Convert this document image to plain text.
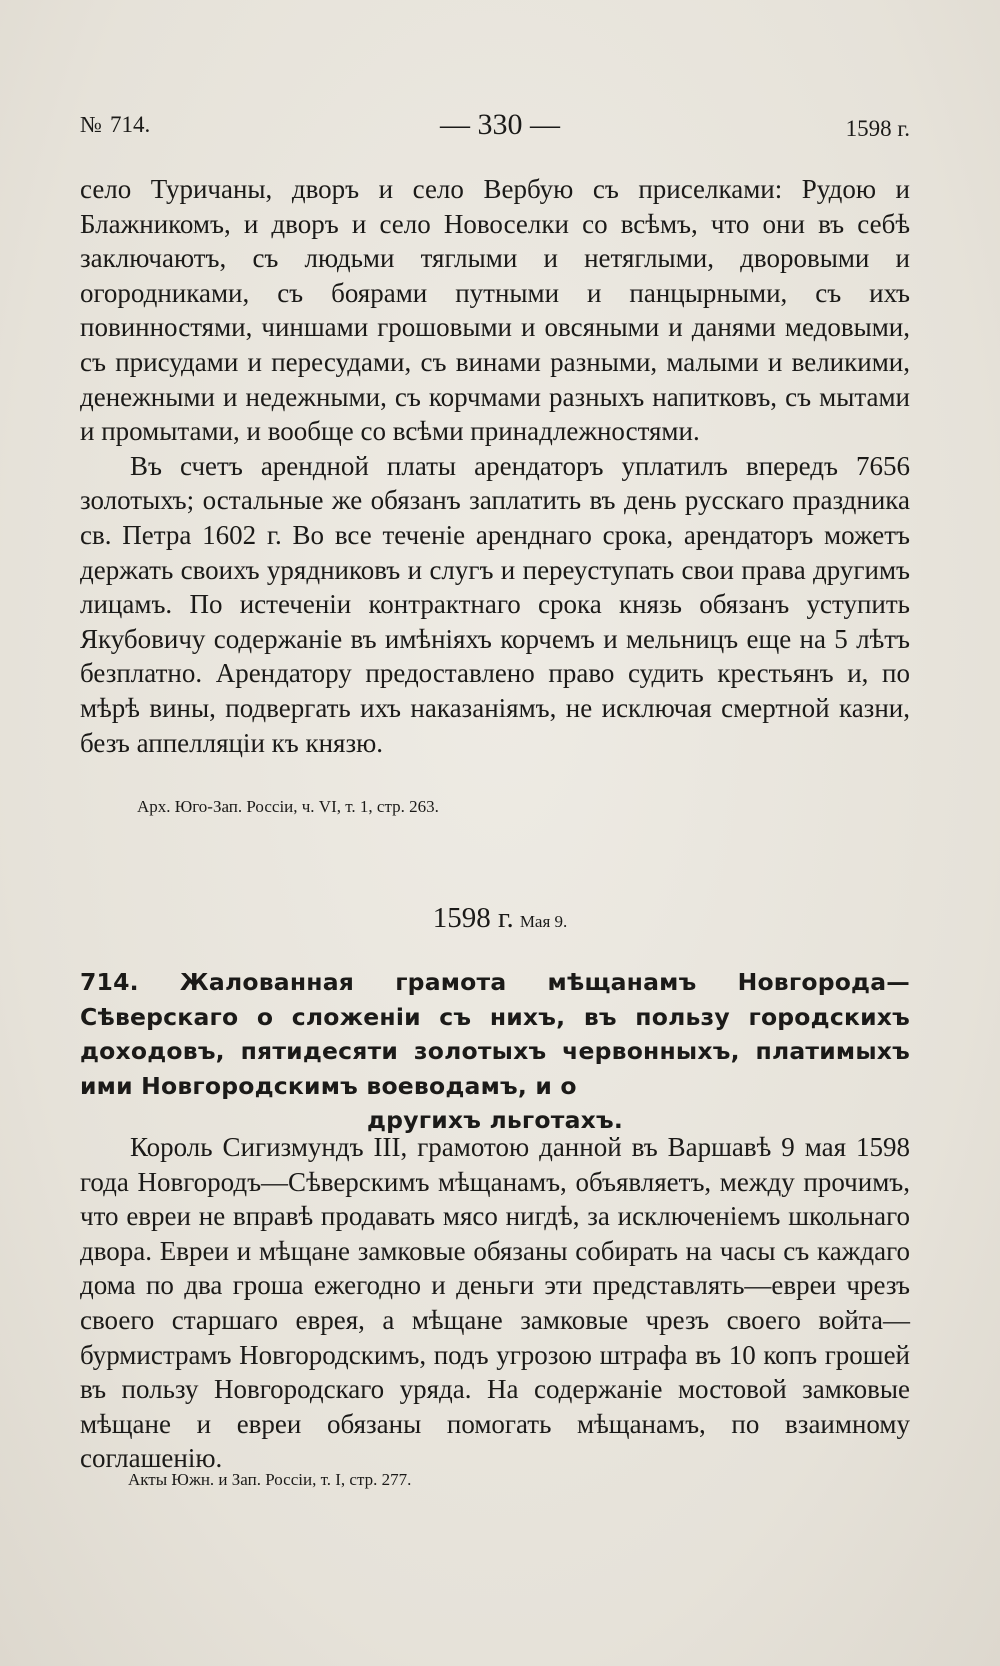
№ 714.	— 330 —	1598 г.

село Туричаны, дворъ и село Вербую съ приселками: Рудою и Блажникомъ, и дворъ и село Новоселки со всѣмъ, что они въ себѣ заключаютъ, съ людьми тяглыми и нетяглыми, дворовыми и огородниками, съ боярами путными и панцырными, съ ихъ повинностями, чиншами грошовыми и овсяными и данями медовыми, съ присудами и пересудами, съ винами разными, малыми и великими, денежными и недежными, съ корчмами разныхъ напитковъ, съ мытами и промытами, и вообще со всѣми принадлежностями.

Въ счетъ арендной платы арендаторъ уплатилъ впередъ 7656 золотыхъ; остальные же обязанъ заплатить въ день русскаго праздника св. Петра 1602 г. Во все теченіе аренднаго срока, арендаторъ можетъ держать своихъ урядниковъ и слугъ и переуступать свои права другимъ лицамъ. По истеченіи контрактнаго срока князь обязанъ уступить Якубовичу содержаніе въ имѣніяхъ корчемъ и мельницъ еще на 5 лѣтъ безплатно. Арендатору предоставлено право судить крестьянъ и, по мѣрѣ вины, подвергать ихъ наказаніямъ, не исключая смертной казни, безъ аппелляціи къ князю.

Арх. Юго-Зап. Россіи, ч. VI, т. 1, стр. 263.
1598 г. Мая 9.
714. Жалованная грамота мѣщанамъ Новгорода—Сѣверскаго о сложеніи съ нихъ, въ пользу городскихъ доходовъ, пятидесяти золотыхъ червонныхъ, платимыхъ ими Новгородскимъ воеводамъ, и о
другихъ льготахъ.

Король Сигизмундъ III, грамотою данной въ Варшавѣ 9 мая 1598 года Новгородъ—Сѣверскимъ мѣщанамъ, объявляетъ, между прочимъ, что евреи не вправѣ продавать мясо нигдѣ, за исключеніемъ школьнаго двора. Евреи и мѣщане замковые обязаны собирать на часы съ каждаго дома по два гроша ежегодно и деньги эти представлять—евреи чрезъ своего старшаго еврея, а мѣщане замковые чрезъ своего войта—бурмистрамъ Новгородскимъ, подъ угрозою штрафа въ 10 копъ грошей въ пользу Новгородскаго уряда. На содержаніе мостовой замковые мѣщане и евреи обязаны помогать мѣщанамъ, по взаимному соглашенію.

Акты Южн. и Зап. Россіи, т. I, стр. 277.
